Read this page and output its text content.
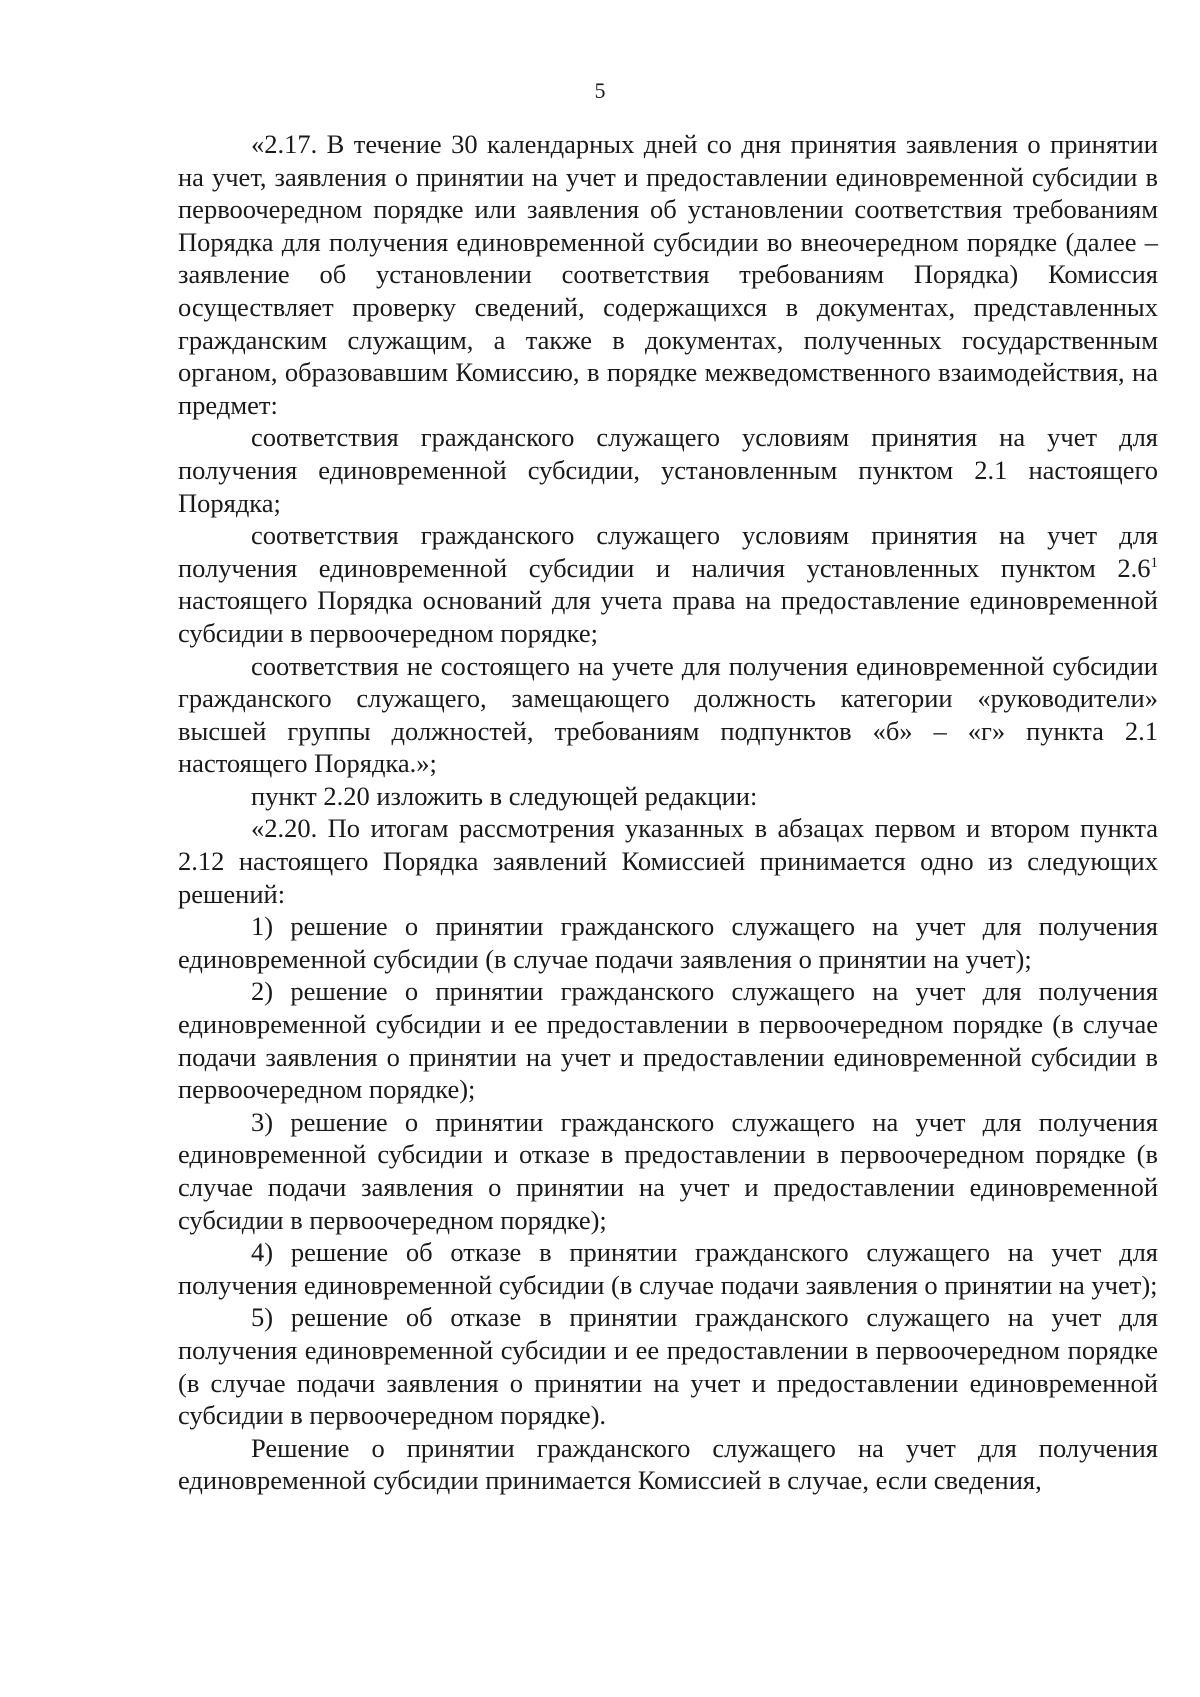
5

«2.17. В течение 30 календарных дней со дня принятия заявления о принятии на учет, заявления о принятии на учет и предоставлении единовременной субсидии в первоочередном порядке или заявления об установлении соответствия требованиям Порядка для получения единовременной субсидии во внеочередном порядке (далее – заявление об установлении соответствия требованиям Порядка) Комиссия осуществляет проверку сведений, содержащихся в документах, представленных гражданским служащим, а также в документах, полученных государственным органом, образовавшим Комиссию, в порядке межведомственного взаимодействия, на предмет:

соответствия гражданского служащего условиям принятия на учет для получения единовременной субсидии, установленным пунктом 2.1 настоящего Порядка;

соответствия гражданского служащего условиям принятия на учет для получения единовременной субсидии и наличия установленных пунктом $2.6^1$ настоящего Порядка оснований для учета права на предоставление единовременной субсидии в первоочередном порядке;

соответствия не состоящего на учете для получения единовременной субсидии гражданского служащего, замещающего должность категории «руководители» высшей группы должностей, требованиям подпунктов «б» – «г» пункта 2.1 настоящего Порядка.»;

пункт 2.20 изложить в следующей редакции:

«2.20. По итогам рассмотрения указанных в абзацах первом и втором пункта 2.12 настоящего Порядка заявлений Комиссией принимается одно из следующих решений:

1) решение о принятии гражданского служащего на учет для получения единовременной субсидии (в случае подачи заявления о принятии на учет);

2) решение о принятии гражданского служащего на учет для получения единовременной субсидии и ее предоставлении в первоочередном порядке (в случае подачи заявления о принятии на учет и предоставлении единовременной субсидии в первоочередном порядке);

3) решение о принятии гражданского служащего на учет для получения единовременной субсидии и отказе в предоставлении в первоочередном порядке (в случае подачи заявления о принятии на учет и предоставлении единовременной субсидии в первоочередном порядке);

4) решение об отказе в принятии гражданского служащего на учет для получения единовременной субсидии (в случае подачи заявления о принятии на учет);

5) решение об отказе в принятии гражданского служащего на учет для получения единовременной субсидии и ее предоставлении в первоочередном порядке (в случае подачи заявления о принятии на учет и предоставлении единовременной субсидии в первоочередном порядке).

Решение о принятии гражданского служащего на учет для получения единовременной субсидии принимается Комиссией в случае, если сведения,
